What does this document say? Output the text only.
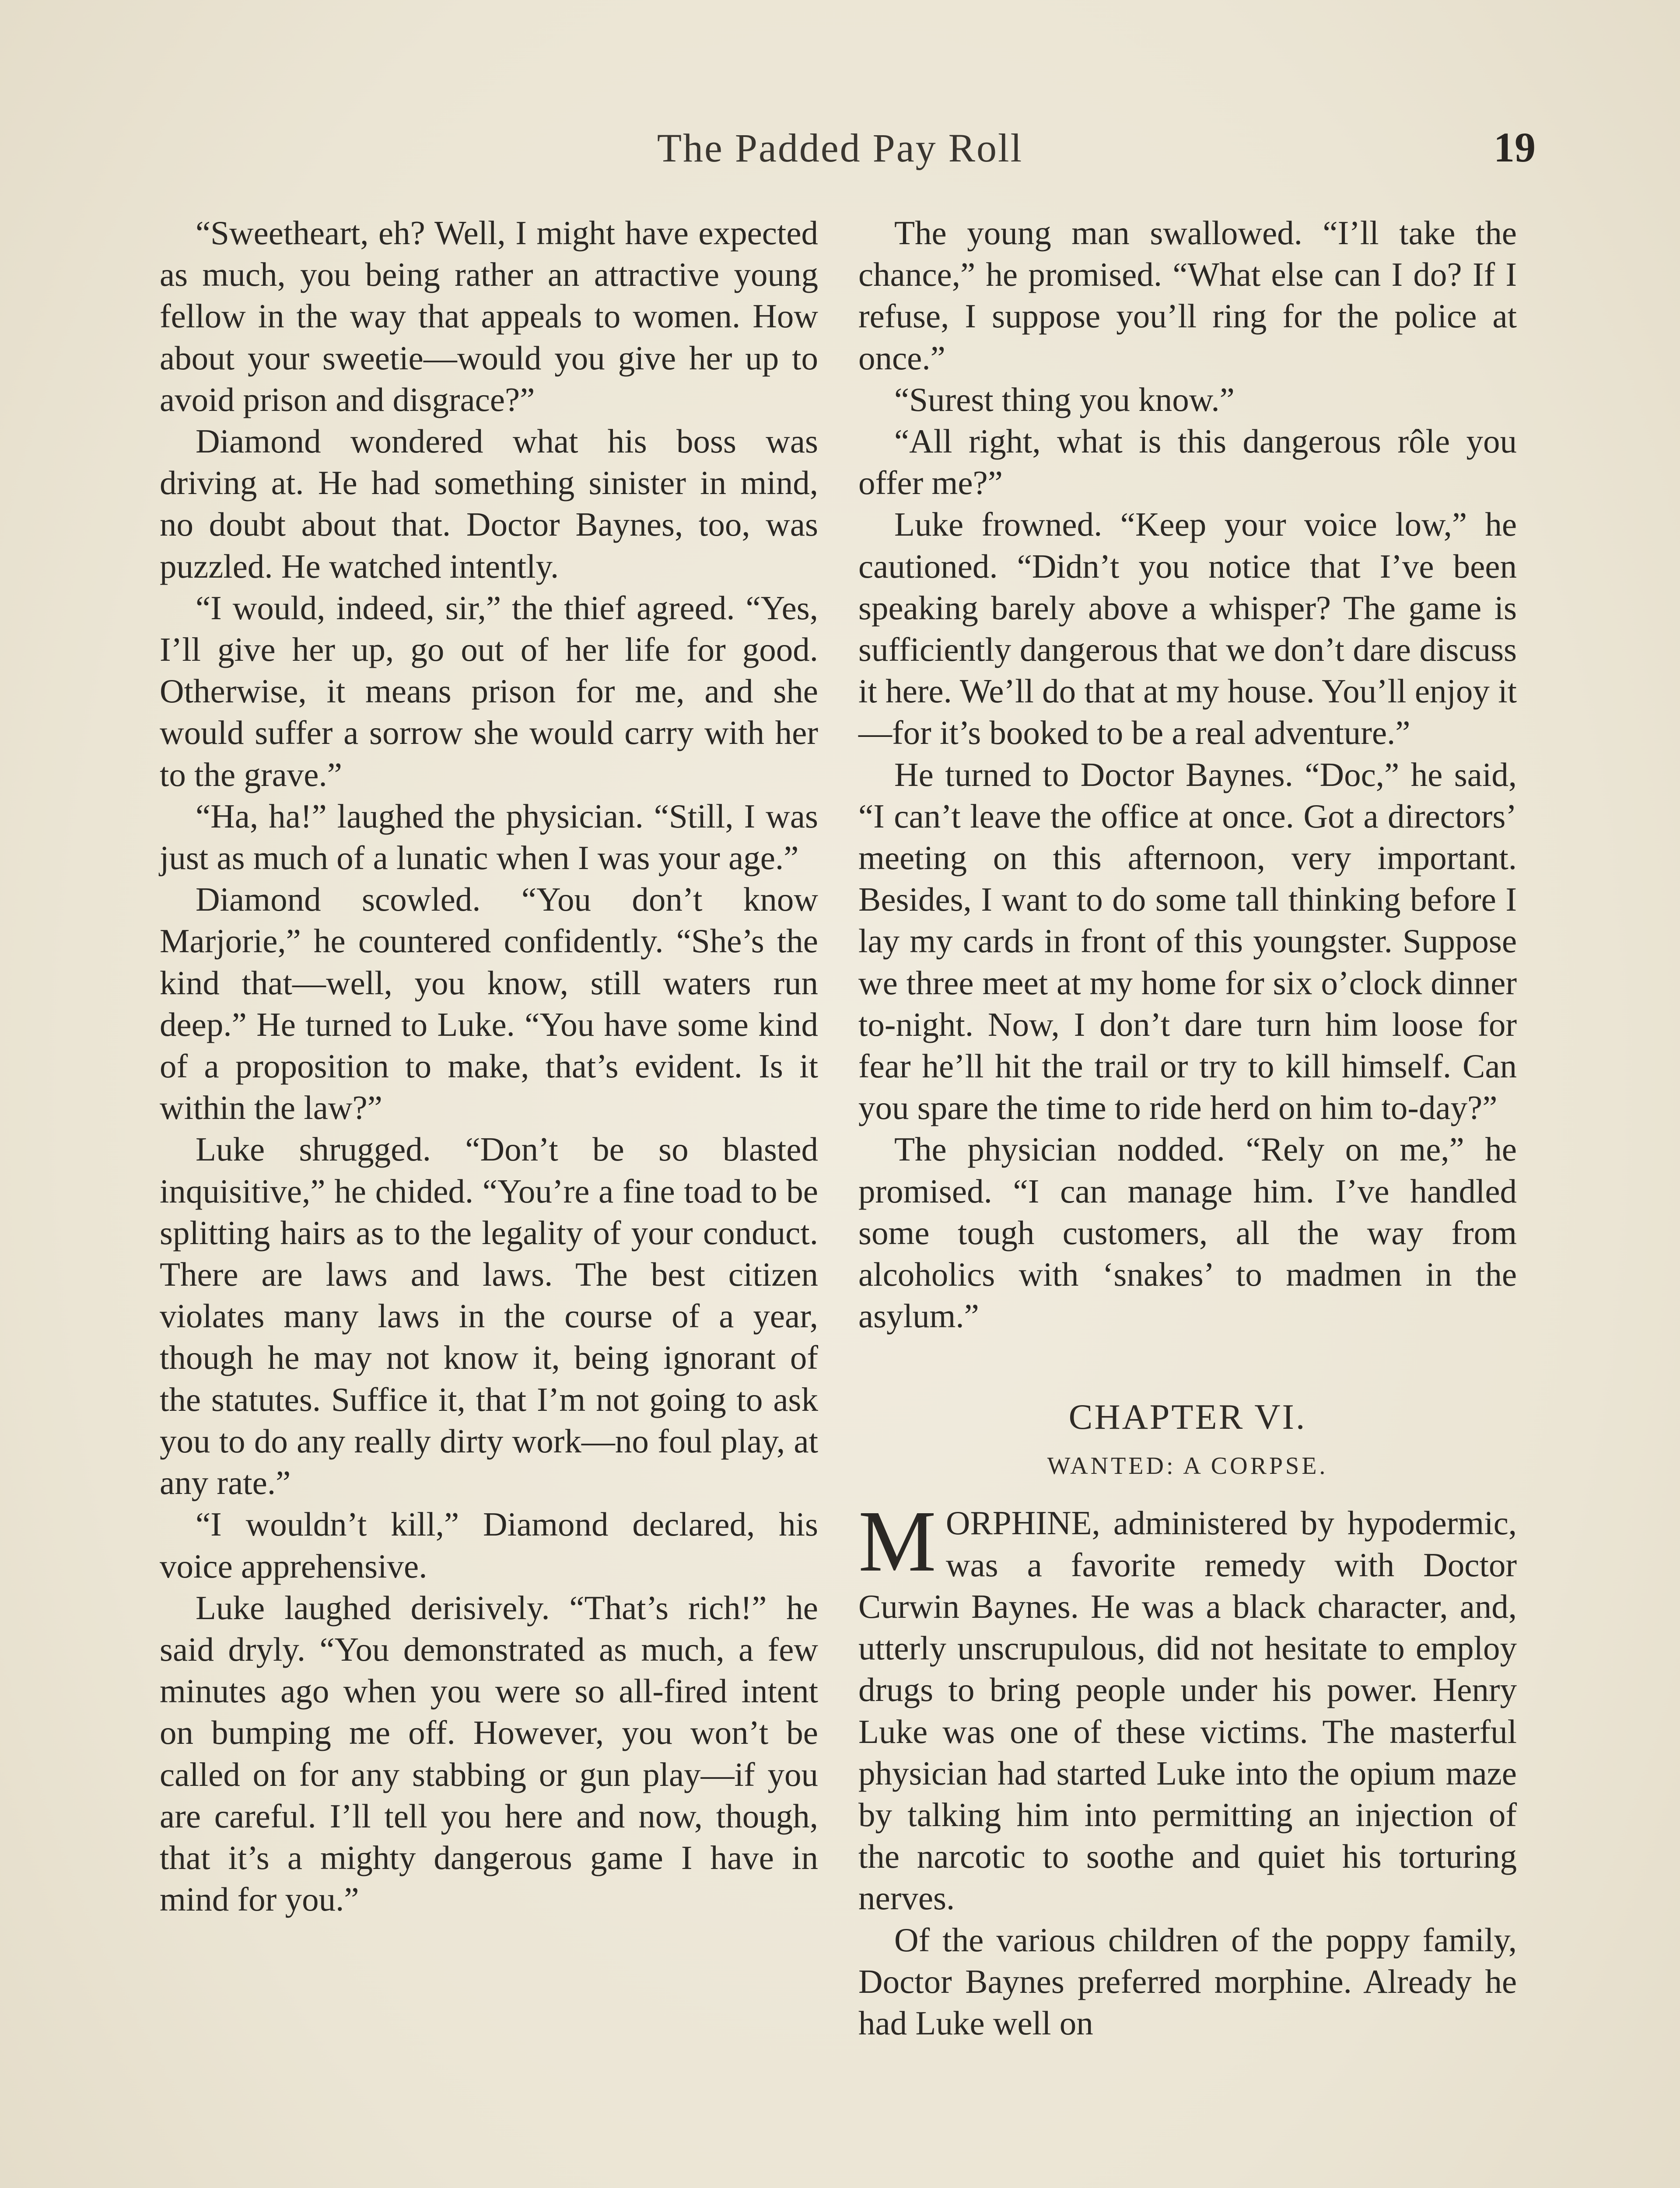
The Padded Pay Roll	19

“Sweetheart, eh? Well, I might have expected as much, you being rather an attractive young fellow in the way that appeals to women. How about your sweetie—would you give her up to avoid prison and disgrace?”

Diamond wondered what his boss was driving at. He had something sinister in mind, no doubt about that. Doctor Baynes, too, was puzzled. He watched intently.

“I would, indeed, sir,” the thief agreed. “Yes, I’ll give her up, go out of her life for good. Otherwise, it means prison for me, and she would suffer a sorrow she would carry with her to the grave.”

“Ha, ha!” laughed the physician. “Still, I was just as much of a lunatic when I was your age.”

Diamond scowled. “You don’t know Marjorie,” he countered confidently. “She’s the kind that—well, you know, still waters run deep.” He turned to Luke. “You have some kind of a proposition to make, that’s evident. Is it within the law?”

Luke shrugged. “Don’t be so blasted inquisitive,” he chided. “You’re a fine toad to be splitting hairs as to the legality of your conduct. There are laws and laws. The best citizen violates many laws in the course of a year, though he may not know it, being ignorant of the statutes. Suffice it, that I’m not going to ask you to do any really dirty work—no foul play, at any rate.”

“I wouldn’t kill,” Diamond declared, his voice apprehensive.

Luke laughed derisively. “That’s rich!” he said dryly. “You demonstrated as much, a few minutes ago when you were so all-fired intent on bumping me off. However, you won’t be called on for any stabbing or gun play—if you are careful. I’ll tell you here and now, though, that it’s a mighty dangerous game I have in mind for you.”

The young man swallowed. “I’ll take the chance,” he promised. “What else can I do? If I refuse, I suppose you’ll ring for the police at once.”

“Surest thing you know.”

“All right, what is this dangerous rôle you offer me?”

Luke frowned. “Keep your voice low,” he cautioned. “Didn’t you notice that I’ve been speaking barely above a whisper? The game is sufficiently dangerous that we don’t dare discuss it here. We’ll do that at my house. You’ll enjoy it—for it’s booked to be a real adventure.”

He turned to Doctor Baynes. “Doc,” he said, “I can’t leave the office at once. Got a directors’ meeting on this afternoon, very important. Besides, I want to do some tall thinking before I lay my cards in front of this youngster. Suppose we three meet at my home for six o’clock dinner to-night. Now, I don’t dare turn him loose for fear he’ll hit the trail or try to kill himself. Can you spare the time to ride herd on him to-day?”

The physician nodded. “Rely on me,” he promised. “I can manage him. I’ve handled some tough customers, all the way from alcoholics with ‘snakes’ to madmen in the asylum.”

CHAPTER VI.
WANTED: A CORPSE.

MORPHINE, administered by hypodermic, was a favorite remedy with Doctor Curwin Baynes. He was a black character, and, utterly unscrupulous, did not hesitate to employ drugs to bring people under his power. Henry Luke was one of these victims. The masterful physician had started Luke into the opium maze by talking him into permitting an injection of the narcotic to soothe and quiet his torturing nerves.

Of the various children of the poppy family, Doctor Baynes preferred morphine. Already he had Luke well on
